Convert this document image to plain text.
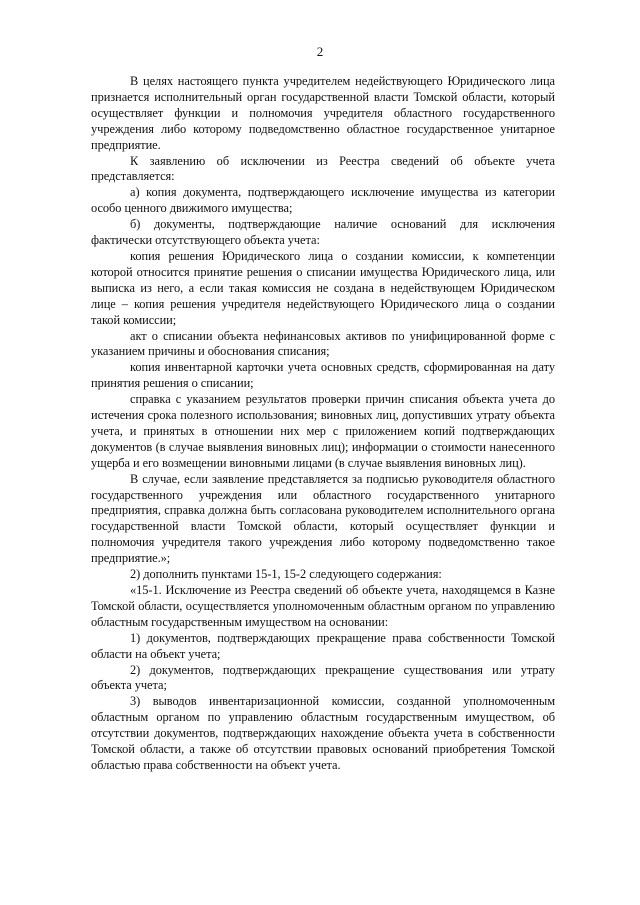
2

В целях настоящего пункта учредителем недействующего Юридического лица признается исполнительный орган государственной власти Томской области, который осуществляет функции и полномочия учредителя областного государственного учреждения либо которому подведомственно областное государственное унитарное предприятие.

К заявлению об исключении из Реестра сведений об объекте учета представляется:

а) копия документа, подтверждающего исключение имущества из категории особо ценного движимого имущества;

б) документы, подтверждающие наличие оснований для исключения фактически отсутствующего объекта учета:

копия решения Юридического лица о создании комиссии, к компетенции которой относится принятие решения о списании имущества Юридического лица, или выписка из него, а если такая комиссия не создана в недействующем Юридическом лице – копия решения учредителя недействующего Юридического лица о создании такой комиссии;

акт о списании объекта нефинансовых активов по унифицированной форме с указанием причины и обоснования списания;

копия инвентарной карточки учета основных средств, сформированная на дату принятия решения о списании;

справка с указанием результатов проверки причин списания объекта учета до истечения срока полезного использования; виновных лиц, допустивших утрату объекта учета, и принятых в отношении них мер с приложением копий подтверждающих документов (в случае выявления виновных лиц); информации о стоимости нанесенного ущерба и его возмещении виновными лицами (в случае выявления виновных лиц).

В случае, если заявление представляется за подписью руководителя областного государственного учреждения или областного государственного унитарного предприятия, справка должна быть согласована руководителем исполнительного органа государственной власти Томской области, который осуществляет функции и полномочия учредителя такого учреждения либо которому подведомственно такое предприятие.»;

2) дополнить пунктами 15-1, 15-2 следующего содержания:

«15-1. Исключение из Реестра сведений об объекте учета, находящемся в Казне Томской области, осуществляется уполномоченным областным органом по управлению областным государственным имуществом на основании:

1) документов, подтверждающих прекращение права собственности Томской области на объект учета;

2) документов, подтверждающих прекращение существования или утрату объекта учета;

3) выводов инвентаризационной комиссии, созданной уполномоченным областным органом по управлению областным государственным имуществом, об отсутствии документов, подтверждающих нахождение объекта учета в собственности Томской области, а также об отсутствии правовых оснований приобретения Томской областью права собственности на объект учета.
